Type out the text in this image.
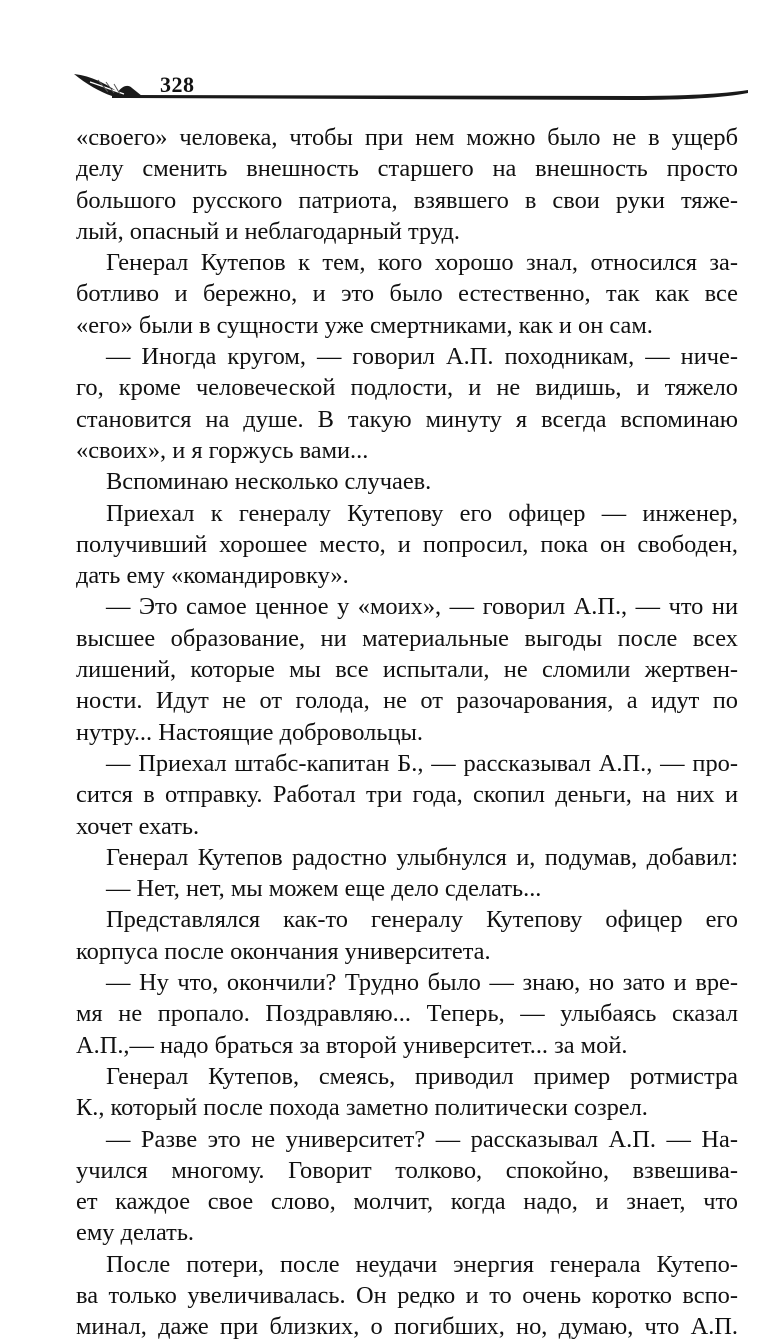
328
«своего» человека, чтобы при нем можно было не в ущерб
делу сменить внешность старшего на внешность просто
большого русского патриота, взявшего в свои руки тяже-
лый, опасный и неблагодарный труд.
Генерал Кутепов к тем, кого хорошо знал, относился за-
ботливо и бережно, и это было естественно, так как все
«его» были в сущности уже смертниками, как и он сам.
— Иногда кругом, — говорил А.П. походникам, — ниче-
го, кроме человеческой подлости, и не видишь, и тяжело
становится на душе. В такую минуту я всегда вспоминаю
«своих», и я горжусь вами...
Вспоминаю несколько случаев.
Приехал к генералу Кутепову его офицер — инженер,
получивший хорошее место, и попросил, пока он свободен,
дать ему «командировку».
— Это самое ценное у «моих», — говорил А.П., — что ни
высшее образование, ни материальные выгоды после всех
лишений, которые мы все испытали, не сломили жертвен-
ности. Идут не от голода, не от разочарования, а идут по
нутру... Настоящие добровольцы.
— Приехал штабс-капитан Б., — рассказывал А.П., — про-
сится в отправку. Работал три года, скопил деньги, на них и
хочет ехать.
Генерал Кутепов радостно улыбнулся и, подумав, добавил:
— Нет, нет, мы можем еще дело сделать...
Представлялся как-то генералу Кутепову офицер его
корпуса после окончания университета.
— Ну что, окончили? Трудно было — знаю, но зато и вре-
мя не пропало. Поздравляю... Теперь, — улыбаясь сказал
А.П.,— надо браться за второй университет... за мой.
Генерал Кутепов, смеясь, приводил пример ротмистра
К., который после похода заметно политически созрел.
— Разве это не университет? — рассказывал А.П. — На-
учился многому. Говорит толково, спокойно, взвешива-
ет каждое свое слово, молчит, когда надо, и знает, что
ему делать.
После потери, после неудачи энергия генерала Кутепо-
ва только увеличивалась. Он редко и то очень коротко вспо-
минал, даже при близких, о погибших, но, думаю, что А.П.
